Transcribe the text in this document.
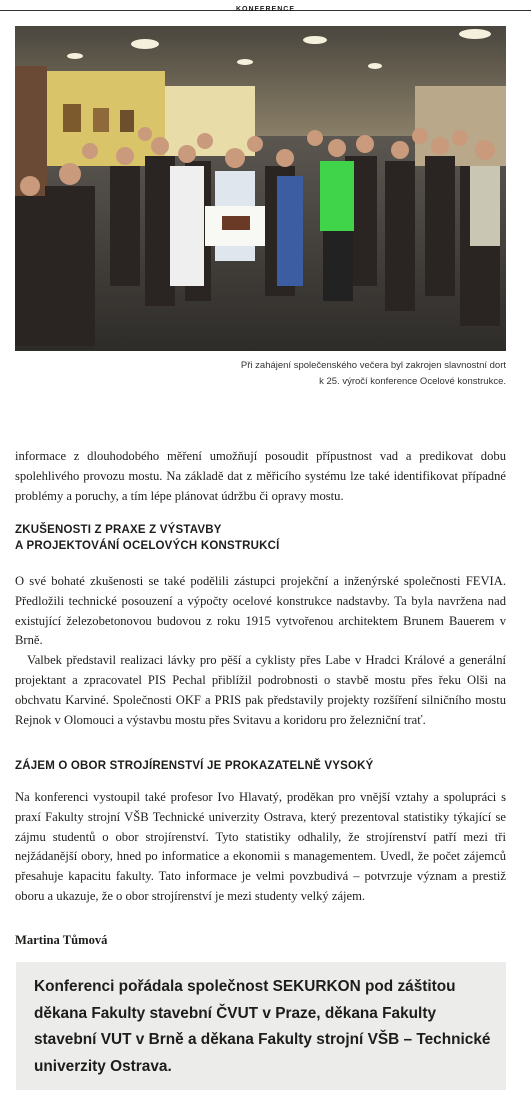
KONFERENCE
Při zahájení společenského večera byl zakrojen slavnostní dort
k 25. výročí konference Ocelové konstrukce.

informace z dlouhodobého měření umožňují posoudit přípustnost vad a predikovat dobu spolehlivého provozu mostu. Na základě dat z měřicího systému lze také identifikovat případné problémy a poruchy, a tím lépe plánovat údržbu či opravy mostu.

ZKUŠENOSTI Z PRAXE Z VÝSTAVBY
A PROJEKTOVÁNÍ OCELOVÝCH KONSTRUKCÍ

O své bohaté zkušenosti se také podělili zástupci projekční a inženýrské společnosti FEVIA. Předložili technické posouzení a výpočty ocelové konstrukce nadstavby. Ta byla navržena nad existující železobetonovou budovou z roku 1915 vytvořenou architektem Brunem Bauerem v Brně.

Valbek představil realizaci lávky pro pěší a cyklisty přes Labe v Hradci Králové a generální projektant a zpracovatel PIS Pechal přiblížil podrobnosti o stavbě mostu přes řeku Olši na obchvatu Karviné. Společnosti OKF a PRIS pak představily projekty rozšíření silničního mostu Rejnok v Olomouci a výstavbu mostu přes Svitavu a koridoru pro železniční trať.

ZÁJEM O OBOR STROJÍRENSTVÍ JE PROKAZATELNĚ VYSOKÝ

Na konferenci vystoupil také profesor Ivo Hlavatý, proděkan pro vnější vztahy a spolupráci s praxí Fakulty strojní VŠB Technické univerzity Ostrava, který prezentoval statistiky týkající se zájmu studentů o obor strojírenství. Tyto statistiky odhalily, že strojírenství patří mezi tři nejžádanější obory, hned po informatice a ekonomii s managementem. Uvedl, že počet zájemců přesahuje kapacitu fakulty. Tato informace je velmi povzbudivá – potvrzuje význam a prestiž oboru a ukazuje, že o obor strojírenství je mezi studenty velký zájem.

Martina Tůmová
Konferenci pořádala společnost SEKURKON pod záštitou děkana Fakulty stavební ČVUT v Praze, děkana Fakulty stavební VUT v Brně a děkana Fakulty strojní VŠB – Technické univerzity Ostrava.
